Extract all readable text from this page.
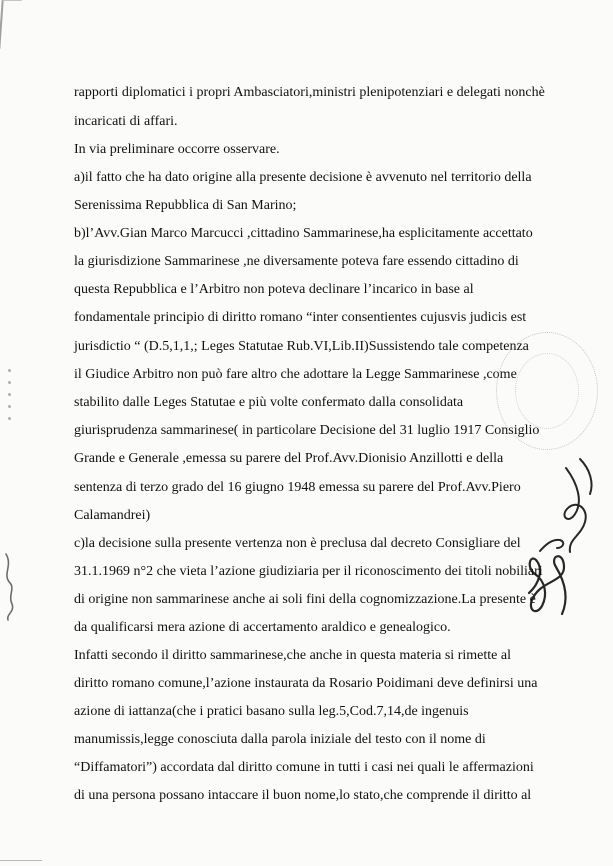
rapporti diplomatici i propri Ambasciatori,ministri plenipotenziari e delegati nonchè
incaricati di affari.
In via preliminare occorre osservare.
a)il fatto che ha dato origine alla presente decisione è avvenuto nel territorio della
Serenissima Repubblica di San Marino;
b)l’Avv.Gian Marco Marcucci ,cittadino Sammarinese,ha esplicitamente accettato
la giurisdizione Sammarinese ,ne diversamente poteva fare essendo cittadino di
questa Repubblica e l’Arbitro non poteva declinare l’incarico in base al
fondamentale principio di diritto romano “inter consentientes cujusvis judicis est
jurisdictio “ (D.5,1,1,; Leges Statutae Rub.VI,Lib.II)Sussistendo tale competenza
il Giudice Arbitro non può fare altro che adottare la Legge Sammarinese ,come
stabilito dalle Leges Statutae e più volte confermato dalla consolidata
giurisprudenza sammarinese( in particolare Decisione del 31 luglio 1917 Consiglio
Grande e Generale ,emessa su parere del Prof.Avv.Dionisio Anzillotti e della
sentenza di terzo grado del 16 giugno 1948 emessa su parere del Prof.Avv.Piero
Calamandrei)
c)la decisione sulla presente vertenza non è preclusa dal decreto Consigliare del
31.1.1969 n°2 che vieta l’azione giudiziaria per il riconoscimento dei titoli nobiliari
di origine non sammarinese anche ai soli fini della cognomizzazione.La presente è
da qualificarsi mera azione di accertamento araldico e genealogico.
Infatti secondo il diritto sammarinese,che anche in questa materia si rimette al
diritto romano comune,l’azione instaurata da Rosario Poidimani deve definirsi una
azione di iattanza(che i pratici basano sulla leg.5,Cod.7,14,de ingenuis
manumissis,legge conosciuta dalla parola iniziale del testo con il nome di
“Diffamatori”) accordata dal diritto comune in tutti i casi nei quali le affermazioni
di una persona possano intaccare il buon nome,lo stato,che comprende il diritto al
